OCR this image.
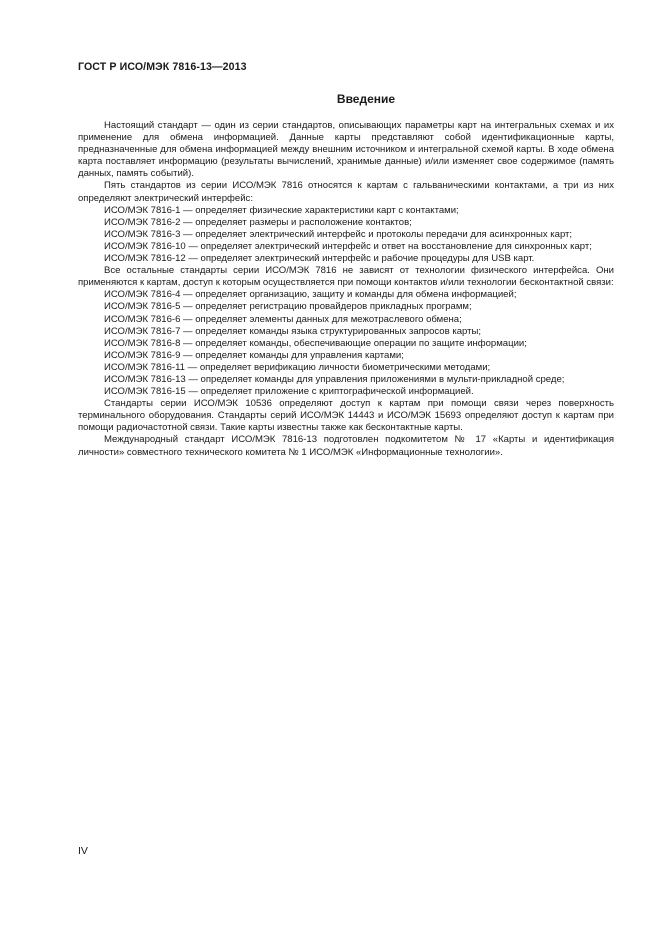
ГОСТ Р ИСО/МЭК 7816-13—2013
Введение

Настоящий стандарт — один из серии стандартов, описывающих параметры карт на интегральных схемах и их применение для обмена информацией. Данные карты представляют собой идентификационные карты, предназначенные для обмена информацией между внешним источником и интегральной схемой карты. В ходе обмена карта поставляет информацию (результаты вычислений, хранимые данные) и/или изменяет свое содержимое (память данных, память событий).

Пять стандартов из серии ИСО/МЭК 7816 относятся к картам с гальваническими контактами, а три из них определяют электрический интерфейс:

ИСО/МЭК 7816-1 — определяет физические характеристики карт с контактами;

ИСО/МЭК 7816-2 — определяет размеры и расположение контактов;

ИСО/МЭК 7816-3 — определяет электрический интерфейс и протоколы передачи для асинхронных карт;

ИСО/МЭК 7816-10 — определяет электрический интерфейс и ответ на восстановление для синхронных карт;

ИСО/МЭК 7816-12 — определяет электрический интерфейс и рабочие процедуры для USB карт.

Все остальные стандарты серии ИСО/МЭК 7816 не зависят от технологии физического интерфейса. Они применяются к картам, доступ к которым осуществляется при помощи контактов и/или технологии бесконтактной связи:

ИСО/МЭК 7816-4 — определяет организацию, защиту и команды для обмена информацией;

ИСО/МЭК 7816-5 — определяет регистрацию провайдеров прикладных программ;

ИСО/МЭК 7816-6 — определяет элементы данных для межотраслевого обмена;

ИСО/МЭК 7816-7 — определяет команды языка структурированных запросов карты;

ИСО/МЭК 7816-8 — определяет команды, обеспечивающие операции по защите информации;

ИСО/МЭК 7816-9 — определяет команды для управления картами;

ИСО/МЭК 7816-11 — определяет верификацию личности биометрическими методами;

ИСО/МЭК 7816-13 — определяет команды для управления приложениями в мульти-прикладной среде;

ИСО/МЭК 7816-15 — определяет приложение с криптографической информацией.

Стандарты серии ИСО/МЭК 10536 определяют доступ к картам при помощи связи через поверхность терминального оборудования. Стандарты серий ИСО/МЭК 14443 и ИСО/МЭК 15693 определяют доступ к картам при помощи радиочастотной связи. Такие карты известны также как бесконтактные карты.

Международный стандарт ИСО/МЭК 7816-13 подготовлен подкомитетом № 17 «Карты и идентификация личности» совместного технического комитета № 1 ИСО/МЭК «Информационные технологии».

IV
